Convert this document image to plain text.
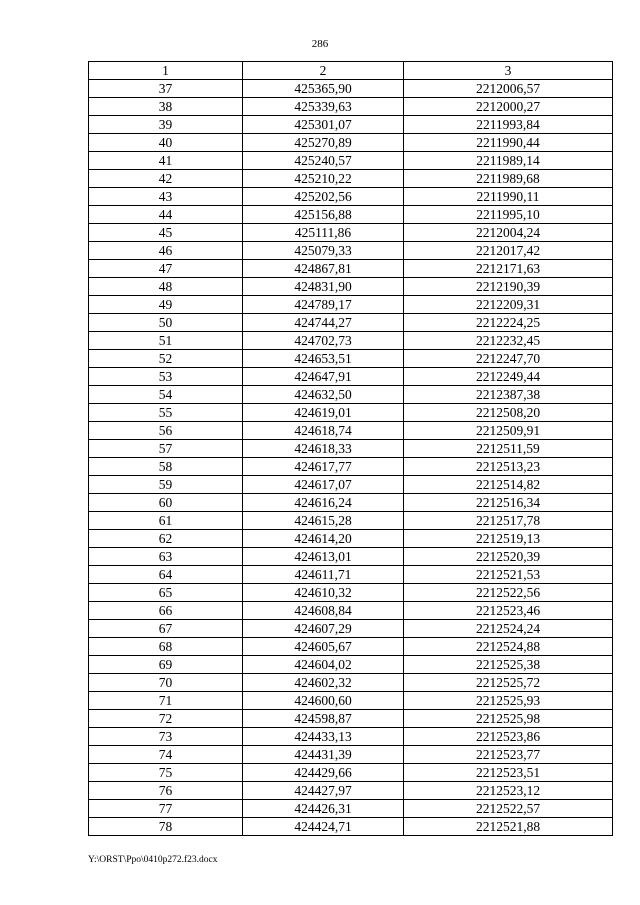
286
1	2	3
37	425365,90	2212006,57
38	425339,63	2212000,27
39	425301,07	2211993,84
40	425270,89	2211990,44
41	425240,57	2211989,14
42	425210,22	2211989,68
43	425202,56	2211990,11
44	425156,88	2211995,10
45	425111,86	2212004,24
46	425079,33	2212017,42
47	424867,81	2212171,63
48	424831,90	2212190,39
49	424789,17	2212209,31
50	424744,27	2212224,25
51	424702,73	2212232,45
52	424653,51	2212247,70
53	424647,91	2212249,44
54	424632,50	2212387,38
55	424619,01	2212508,20
56	424618,74	2212509,91
57	424618,33	2212511,59
58	424617,77	2212513,23
59	424617,07	2212514,82
60	424616,24	2212516,34
61	424615,28	2212517,78
62	424614,20	2212519,13
63	424613,01	2212520,39
64	424611,71	2212521,53
65	424610,32	2212522,56
66	424608,84	2212523,46
67	424607,29	2212524,24
68	424605,67	2212524,88
69	424604,02	2212525,38
70	424602,32	2212525,72
71	424600,60	2212525,93
72	424598,87	2212525,98
73	424433,13	2212523,86
74	424431,39	2212523,77
75	424429,66	2212523,51
76	424427,97	2212523,12
77	424426,31	2212522,57
78	424424,71	2212521,88
Y:\ORST\Ppo\0410p272.f23.docx
